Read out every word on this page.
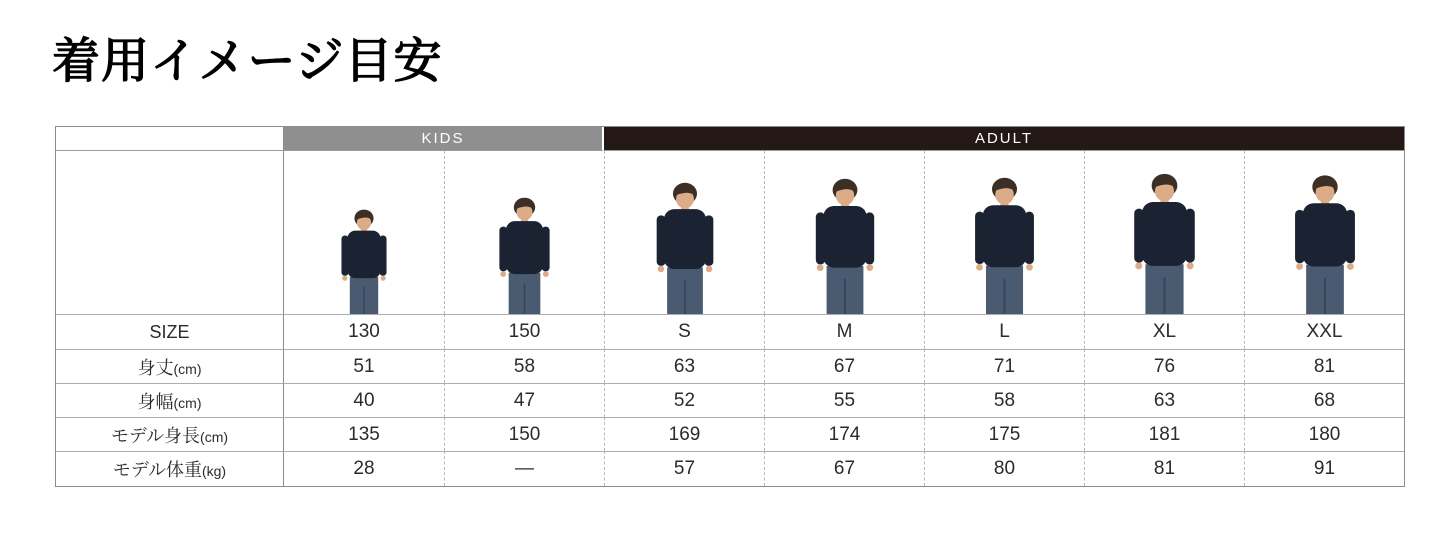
着用イメージ目安
KIDS	ADULT
SIZE	130	150	S	M	L	XL	XXL
身丈(cm)	51	58	63	67	71	76	81
身幅(cm)	40	47	52	55	58	63	68
モデル身長(cm)	135	150	169	174	175	181	180
モデル体重(kg)	28	—	57	67	80	81	91
